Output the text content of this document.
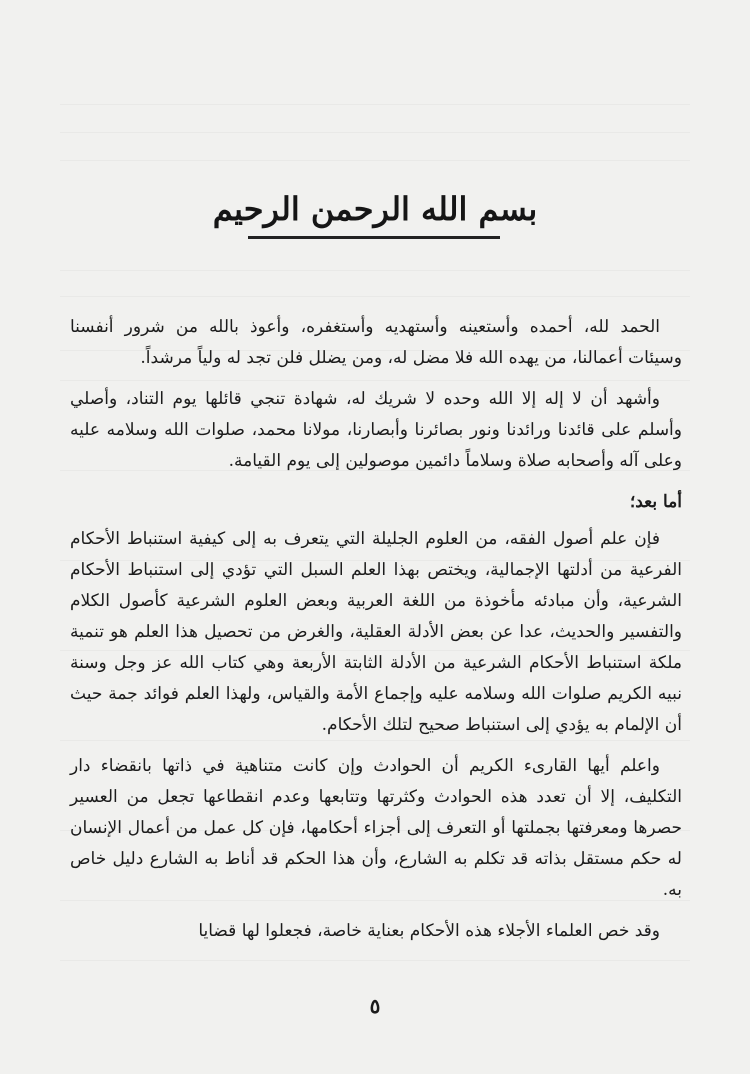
بسم الله الرحمن الرحيم

الحمد لله، أحمده وأستعينه وأستهديه وأستغفره، وأعوذ بالله من شرور أنفسنا وسيئات أعمالنا، من يهده الله فلا مضل له، ومن يضلل فلن تجد له ولياً مرشداً.

وأشهد أن لا إله إلا الله وحده لا شريك له، شهادة تنجي قائلها يوم التناد، وأصلي وأسلم على قائدنا ورائدنا ونور بصائرنا وأبصارنا، مولانا محمد، صلوات الله وسلامه عليه وعلى آله وأصحابه صلاة وسلاماً دائمين موصولين إلى يوم القيامة.

أما بعد؛

فإن علم أصول الفقه، من العلوم الجليلة التي يتعرف به إلى كيفية استنباط الأحكام الفرعية من أدلتها الإجمالية، ويختص بهذا العلم السبل التي تؤدي إلى استنباط الأحكام الشرعية، وأن مبادئه مأخوذة من اللغة العربية وبعض العلوم الشرعية كأصول الكلام والتفسير والحديث، عدا عن بعض الأدلة العقلية، والغرض من تحصيل هذا العلم هو تنمية ملكة استنباط الأحكام الشرعية من الأدلة الثابتة الأربعة وهي كتاب الله عز وجل وسنة نبيه الكريم صلوات الله وسلامه عليه وإجماع الأمة والقياس، ولهذا العلم فوائد جمة حيث أن الإلمام به يؤدي إلى استنباط صحيح لتلك الأحكام.

واعلم أيها القارىء الكريم أن الحوادث وإن كانت متناهية في ذاتها بانقضاء دار التكليف، إلا أن تعدد هذه الحوادث وكثرتها وتتابعها وعدم انقطاعها تجعل من العسير حصرها ومعرفتها بجملتها أو التعرف إلى أجزاء أحكامها، فإن كل عمل من أعمال الإنسان له حكم مستقل بذاته قد تكلم به الشارع، وأن هذا الحكم قد أناط به الشارع دليل خاص به.

وقد خص العلماء الأجلاء هذه الأحكام بعناية خاصة، فجعلوا لها قضايا

٥
